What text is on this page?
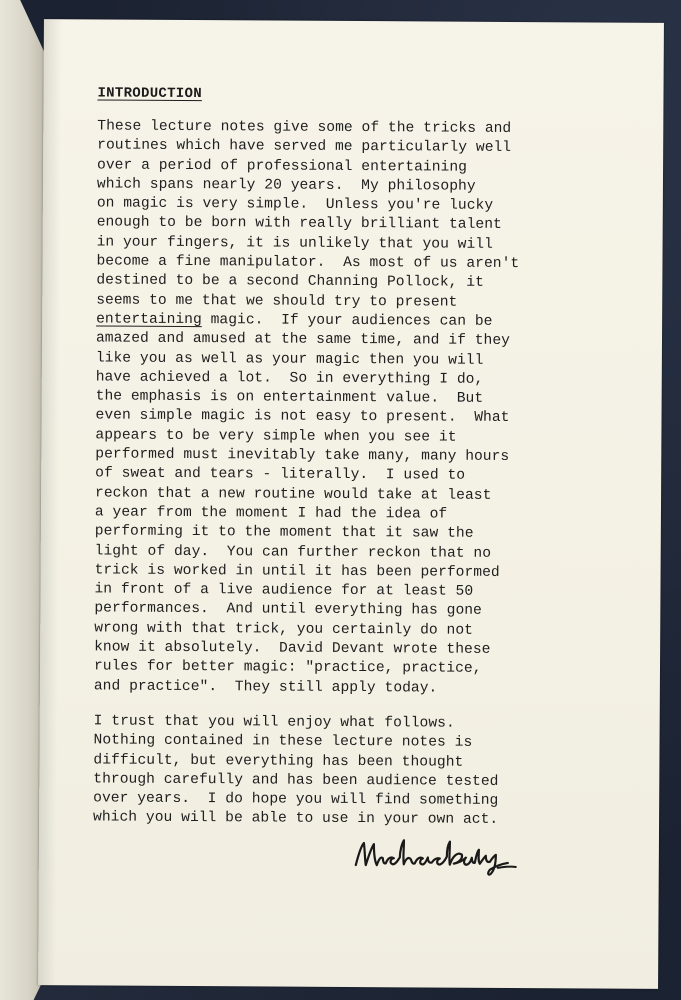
INTRODUCTION
These lecture notes give some of the tricks and
routines which have served me particularly well
over a period of professional entertaining
which spans nearly 20 years.  My philosophy
on magic is very simple.  Unless you're lucky
enough to be born with really brilliant talent
in your fingers, it is unlikely that you will
become a fine manipulator.  As most of us aren't
destined to be a second Channing Pollock, it
seems to me that we should try to present
entertaining magic.  If your audiences can be
amazed and amused at the same time, and if they
like you as well as your magic then you will
have achieved a lot.  So in everything I do,
the emphasis is on entertainment value.  But
even simple magic is not easy to present.  What
appears to be very simple when you see it
performed must inevitably take many, many hours
of sweat and tears - literally.  I used to
reckon that a new routine would take at least
a year from the moment I had the idea of
performing it to the moment that it saw the
light of day.  You can further reckon that no
trick is worked in until it has been performed
in front of a live audience for at least 50
performances.  And until everything has gone
wrong with that trick, you certainly do not
know it absolutely.  David Devant wrote these
rules for better magic: "practice, practice,
and practice".  They still apply today.
I trust that you will enjoy what follows.
Nothing contained in these lecture notes is
difficult, but everything has been thought
through carefully and has been audience tested
over years.  I do hope you will find something
which you will be able to use in your own act.
